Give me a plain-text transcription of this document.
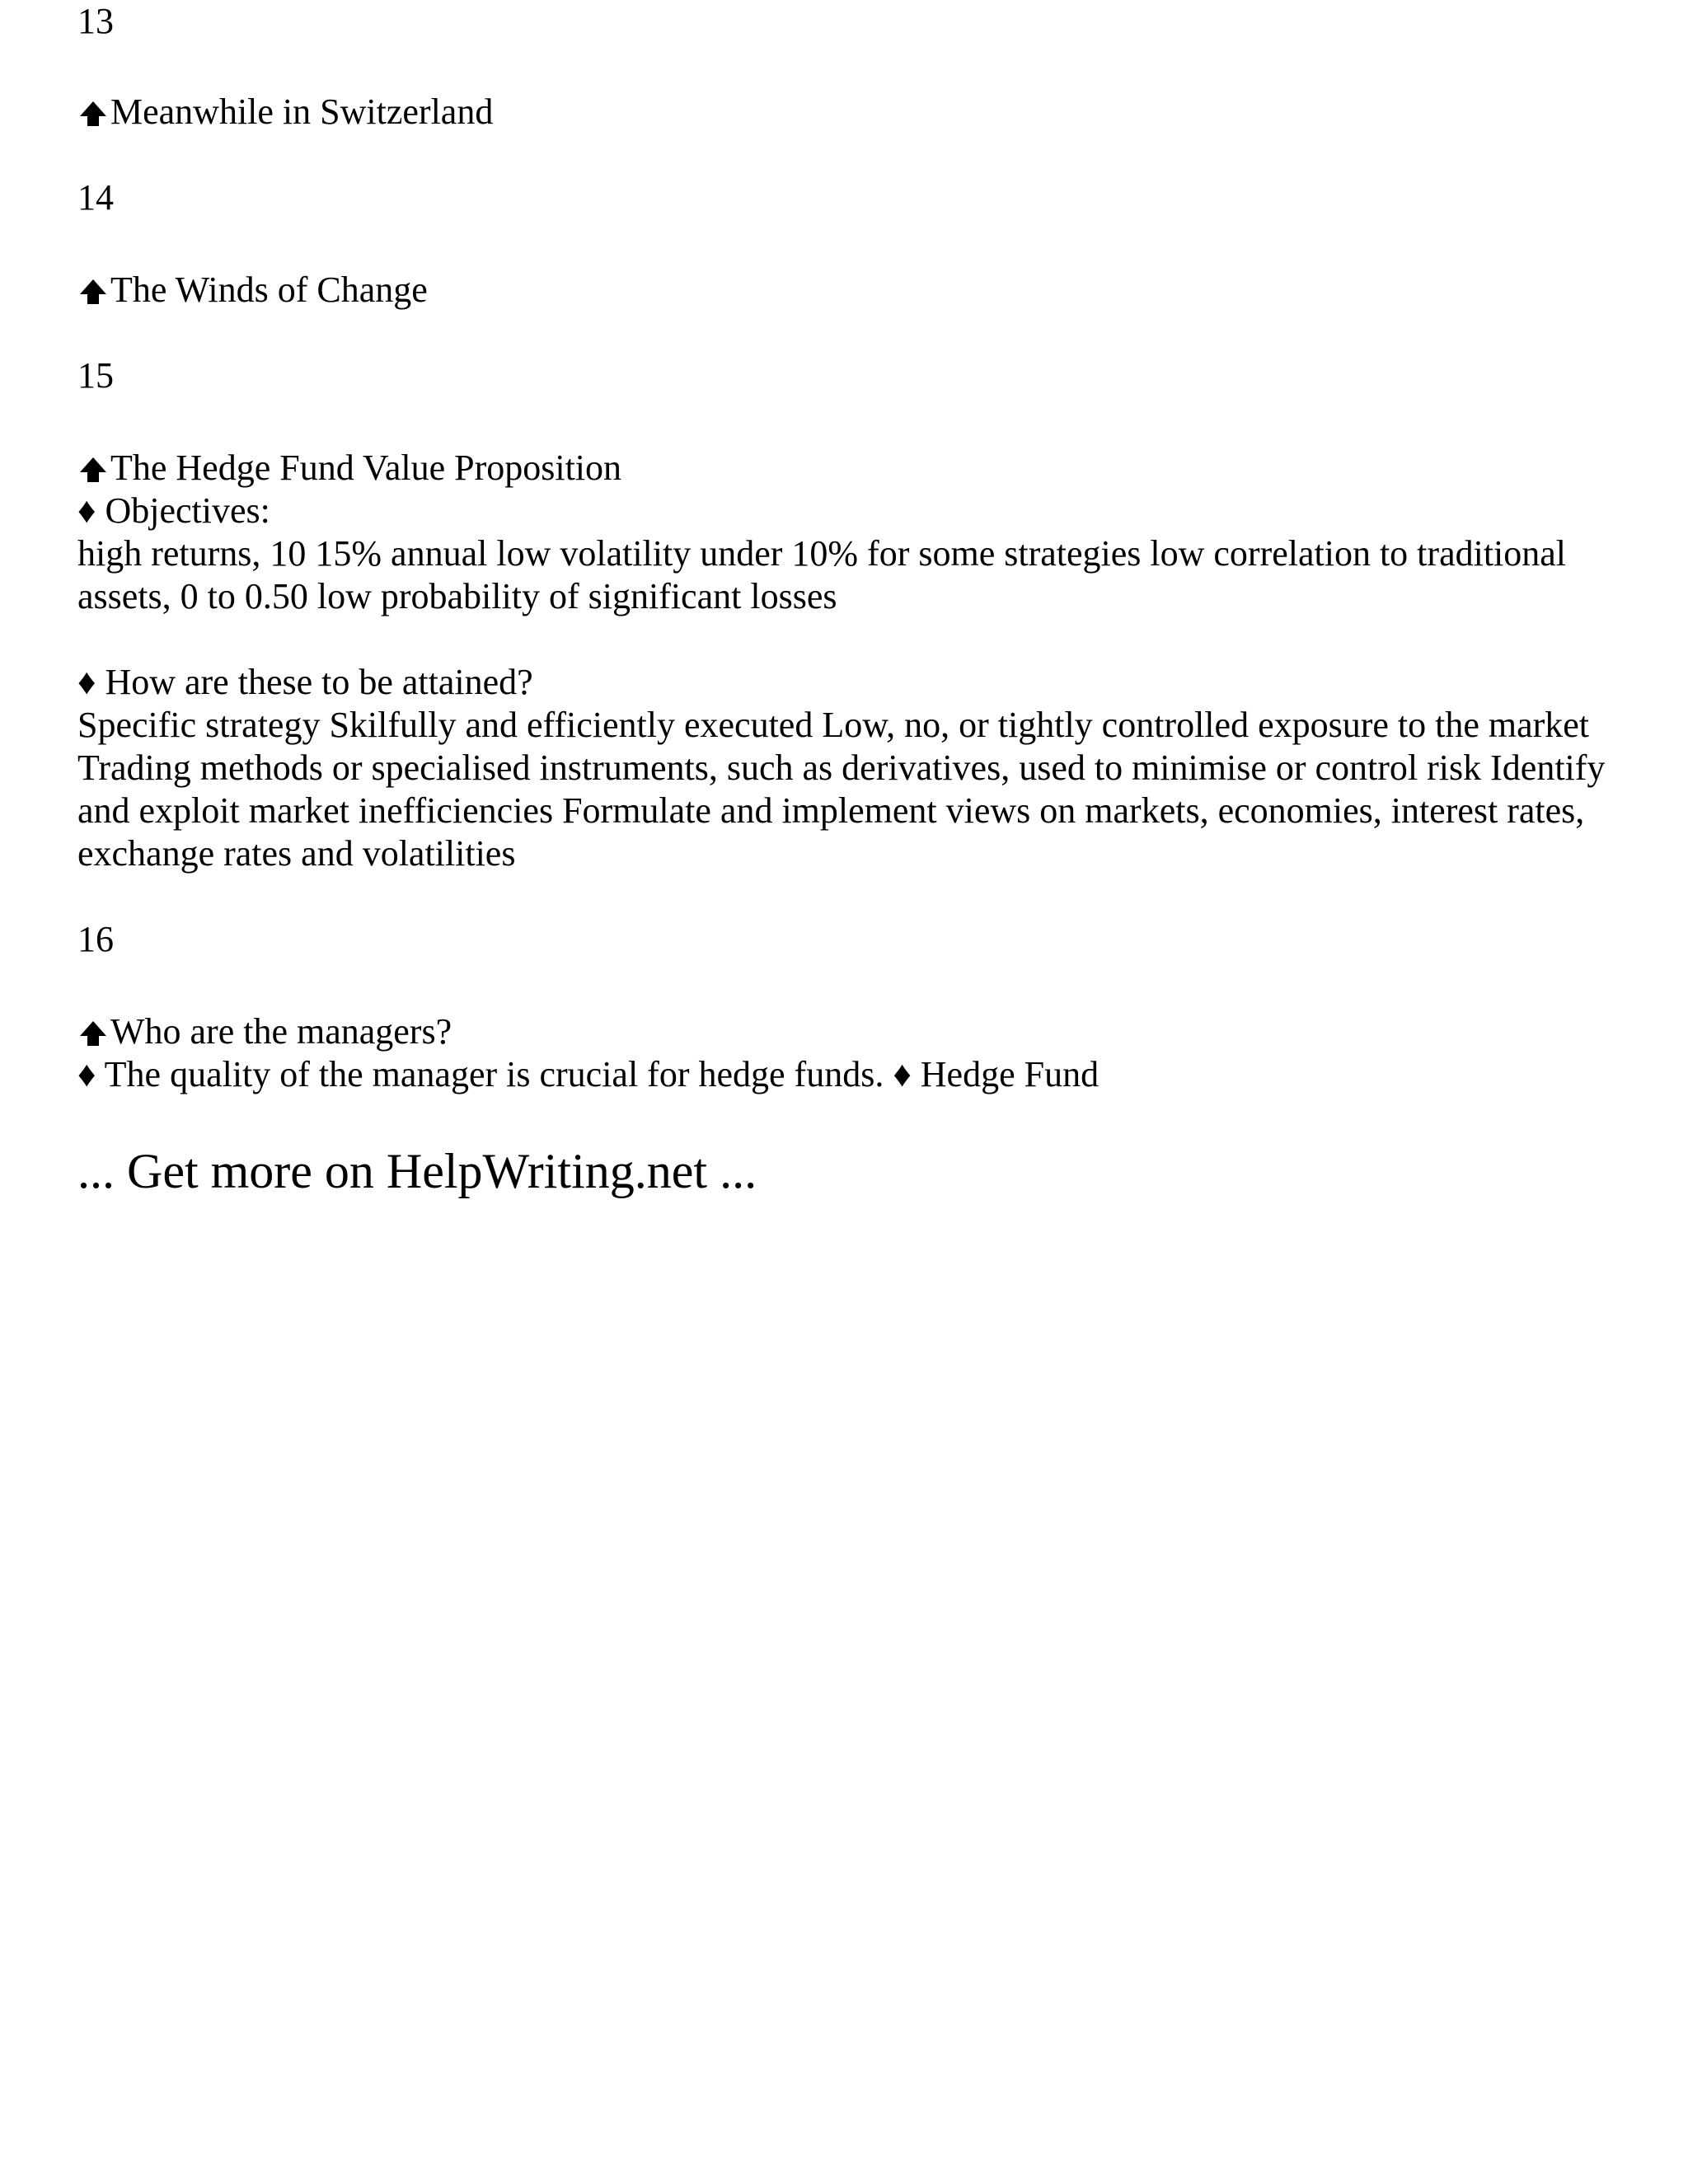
13
Meanwhile in Switzerland
14
The Winds of Change
15
The Hedge Fund Value Proposition
♦ Objectives:
high returns, 10 15% annual low volatility under 10% for some strategies low correlation to traditional assets, 0 to 0.50 low probability of significant losses
♦ How are these to be attained?
Specific strategy Skilfully and efficiently executed Low, no, or tightly controlled exposure to the market Trading methods or specialised instruments, such as derivatives, used to minimise or control risk Identify and exploit market inefficiencies Formulate and implement views on markets, economies, interest rates, exchange rates and volatilities
16
Who are the managers?
♦ The quality of the manager is crucial for hedge funds. ♦ Hedge Fund
... Get more on HelpWriting.net ...
